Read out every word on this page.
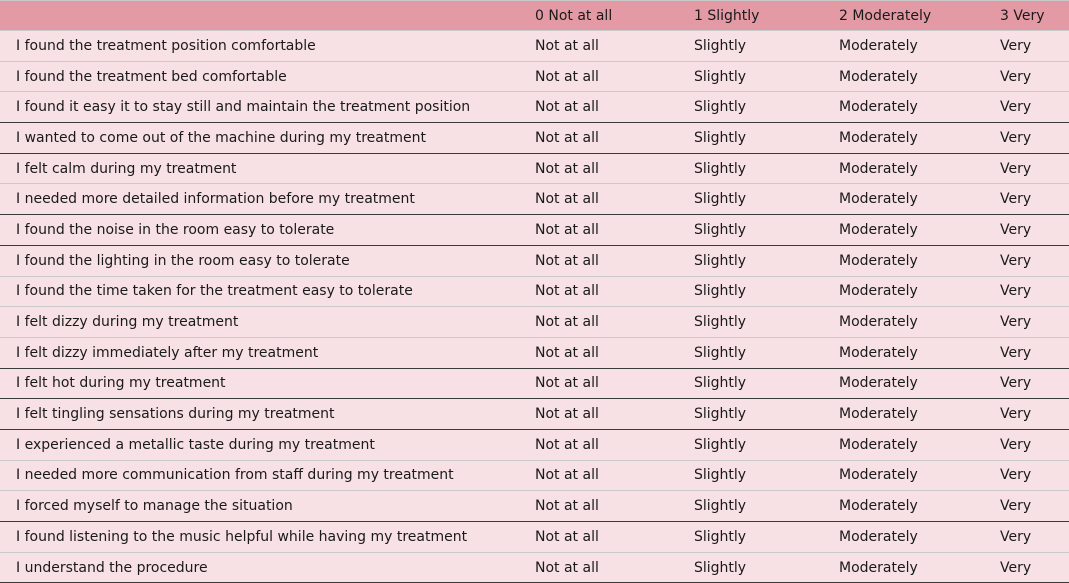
	0 Not at all	1 Slightly	2 Moderately	3 Very
I found the treatment position comfortable	Not at all	Slightly	Moderately	Very
I found the treatment bed comfortable	Not at all	Slightly	Moderately	Very
I found it easy it to stay still and maintain the treatment position	Not at all	Slightly	Moderately	Very
I wanted to come out of the machine during my treatment	Not at all	Slightly	Moderately	Very
I felt calm during my treatment	Not at all	Slightly	Moderately	Very
I needed more detailed information before my treatment	Not at all	Slightly	Moderately	Very
I found the noise in the room easy to tolerate	Not at all	Slightly	Moderately	Very
I found the lighting in the room easy to tolerate	Not at all	Slightly	Moderately	Very
I found the time taken for the treatment easy to tolerate	Not at all	Slightly	Moderately	Very
I felt dizzy during my treatment	Not at all	Slightly	Moderately	Very
I felt dizzy immediately after my treatment	Not at all	Slightly	Moderately	Very
I felt hot during my treatment	Not at all	Slightly	Moderately	Very
I felt tingling sensations during my treatment	Not at all	Slightly	Moderately	Very
I experienced a metallic taste during my treatment	Not at all	Slightly	Moderately	Very
I needed more communication from staff during my treatment	Not at all	Slightly	Moderately	Very
I forced myself to manage the situation	Not at all	Slightly	Moderately	Very
I found listening to the music helpful while having my treatment	Not at all	Slightly	Moderately	Very
I understand the procedure	Not at all	Slightly	Moderately	Very
